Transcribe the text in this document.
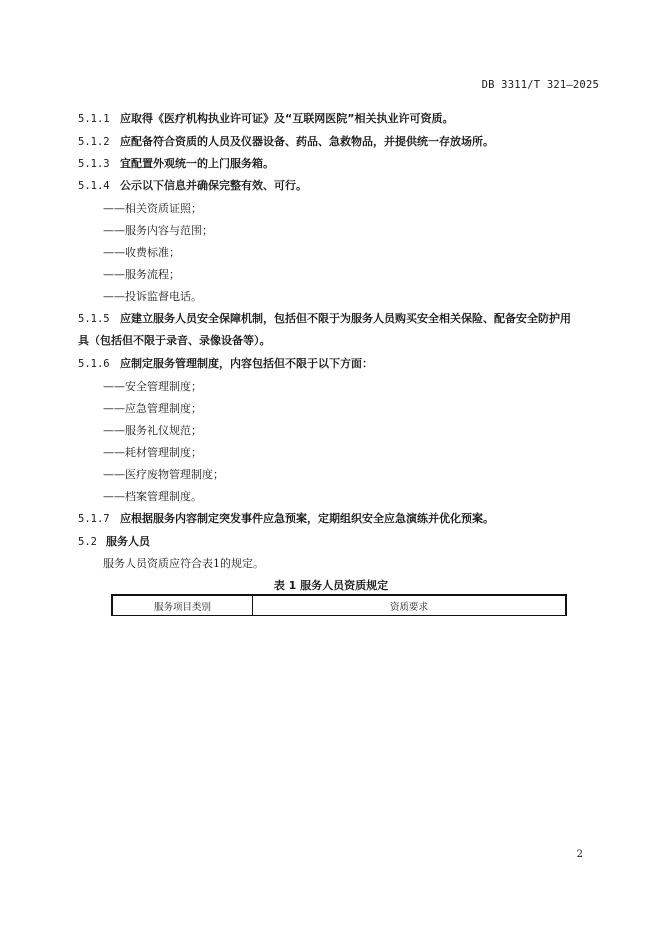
DB 3311/T 321—2025
5.1.1 应取得《医疗机构执业许可证》及“互联网医院”相关执业许可资质。
5.1.2 应配备符合资质的人员及仪器设备、药品、急救物品，并提供统一存放场所。
5.1.3 宜配置外观统一的上门服务箱。
5.1.4 公示以下信息并确保完整有效、可行。
——相关资质证照；
——服务内容与范围；
——收费标准；
——服务流程；
——投诉监督电话。
5.1.5 应建立服务人员安全保障机制，包括但不限于为服务人员购买安全相关保险、配备安全防护用
具（包括但不限于录音、录像设备等）。
5.1.6 应制定服务管理制度，内容包括但不限于以下方面：
——安全管理制度；
——应急管理制度；
——服务礼仪规范；
——耗材管理制度；
——医疗废物管理制度；
——档案管理制度。
5.1.7 应根据服务内容制定突发事件应急预案，定期组织安全应急演练并优化预案。
5.2 服务人员
服务人员资质应符合表1的规定。
表 1 服务人员资质规定
服务项目类别	资质要求
2
